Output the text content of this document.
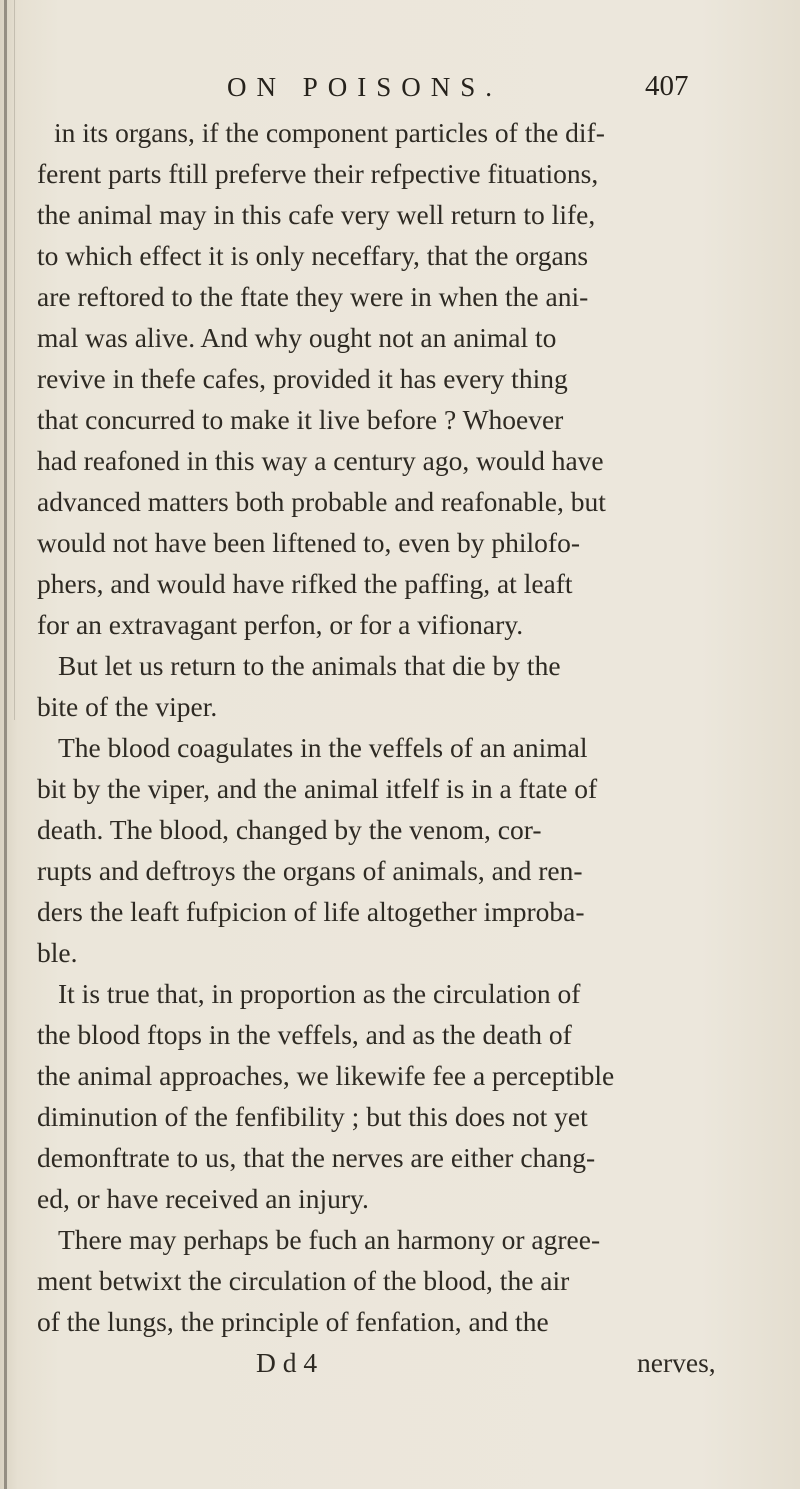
ON POISONS.	407
in its organs, if the component particles of the dif-
ferent parts ftill preferve their refpective fituations,
the animal may in this cafe very well return to life,
to which effect it is only neceffary, that the organs
are reftored to the ftate they were in when the ani-
mal was alive. And why ought not an animal to
revive in thefe cafes, provided it has every thing
that concurred to make it live before ? Whoever
had reafoned in this way a century ago, would have
advanced matters both probable and reafonable, but
would not have been liftened to, even by philofo-
phers, and would have rifked the paffing, at leaft
for an extravagant perfon, or for a vifionary.
But let us return to the animals that die by the
bite of the viper.
The blood coagulates in the veffels of an animal
bit by the viper, and the animal itfelf is in a ftate of
death. The blood, changed by the venom, cor-
rupts and deftroys the organs of animals, and ren-
ders the leaft fufpicion of life altogether improba-
ble.
It is true that, in proportion as the circulation of
the blood ftops in the veffels, and as the death of
the animal approaches, we likewife fee a perceptible
diminution of the fenfibility ; but this does not yet
demonftrate to us, that the nerves are either chang-
ed, or have received an injury.
There may perhaps be fuch an harmony or agree-
ment betwixt the circulation of the blood, the air
of the lungs, the principle of fenfation, and the
D d 4	nerves,
